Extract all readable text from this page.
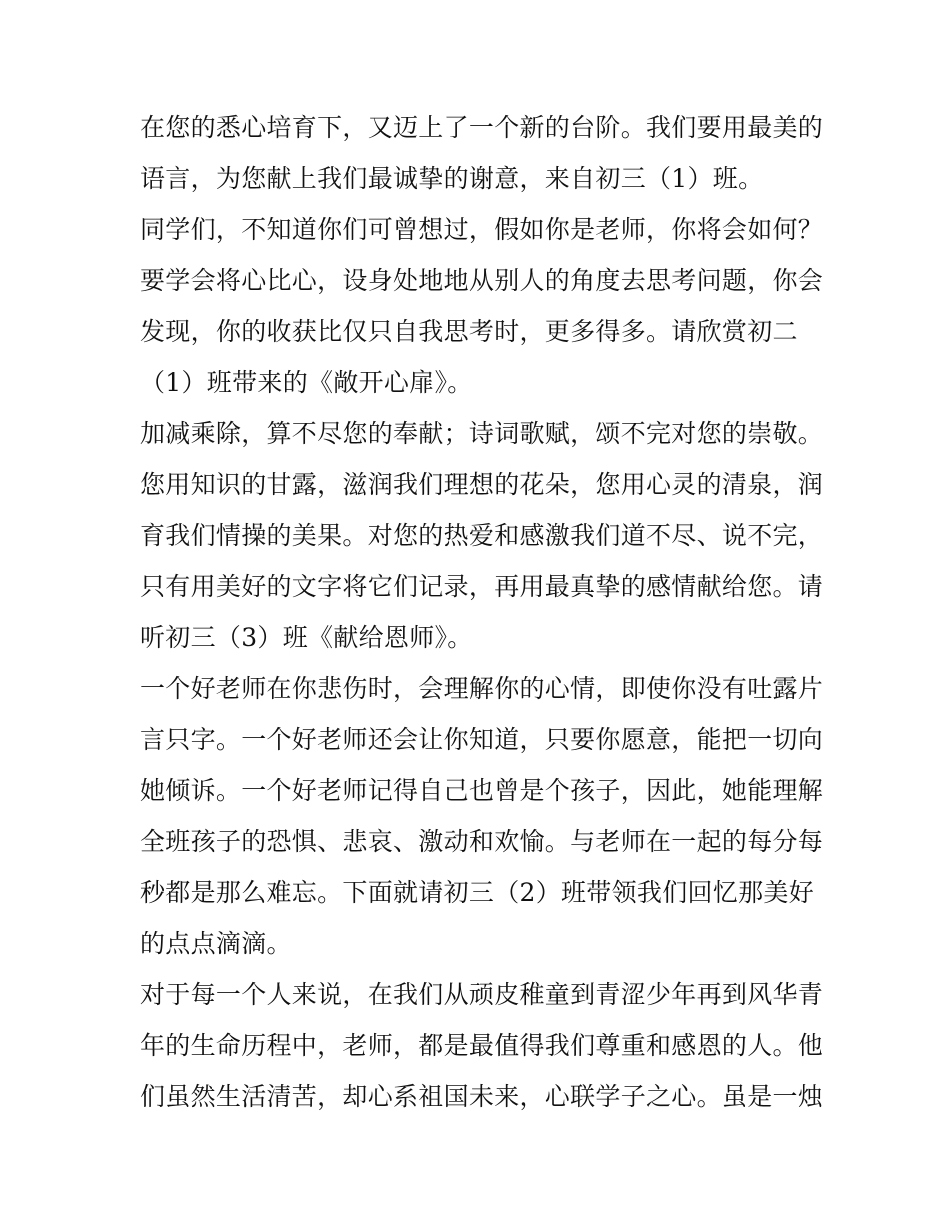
在您的悉心培育下，又迈上了一个新的台阶。我们要用最美的
语言，为您献上我们最诚挚的谢意，来自初三（1）班。
同学们，不知道你们可曾想过，假如你是老师，你将会如何？
要学会将心比心，设身处地地从别人的角度去思考问题，你会
发现，你的收获比仅只自我思考时，更多得多。请欣赏初二
（1）班带来的《敞开心扉》。
加减乘除，算不尽您的奉献；诗词歌赋，颂不完对您的崇敬。
您用知识的甘露，滋润我们理想的花朵，您用心灵的清泉，润
育我们情操的美果。对您的热爱和感激我们道不尽、说不完，
只有用美好的文字将它们记录，再用最真挚的感情献给您。请
听初三（3）班《献给恩师》。
一个好老师在你悲伤时，会理解你的心情，即使你没有吐露片
言只字。一个好老师还会让你知道，只要你愿意，能把一切向
她倾诉。一个好老师记得自己也曾是个孩子，因此，她能理解
全班孩子的恐惧、悲哀、激动和欢愉。与老师在一起的每分每
秒都是那么难忘。下面就请初三（2）班带领我们回忆那美好
的点点滴滴。
对于每一个人来说，在我们从顽皮稚童到青涩少年再到风华青
年的生命历程中，老师，都是最值得我们尊重和感恩的人。他
们虽然生活清苦，却心系祖国未来，心联学子之心。虽是一烛
